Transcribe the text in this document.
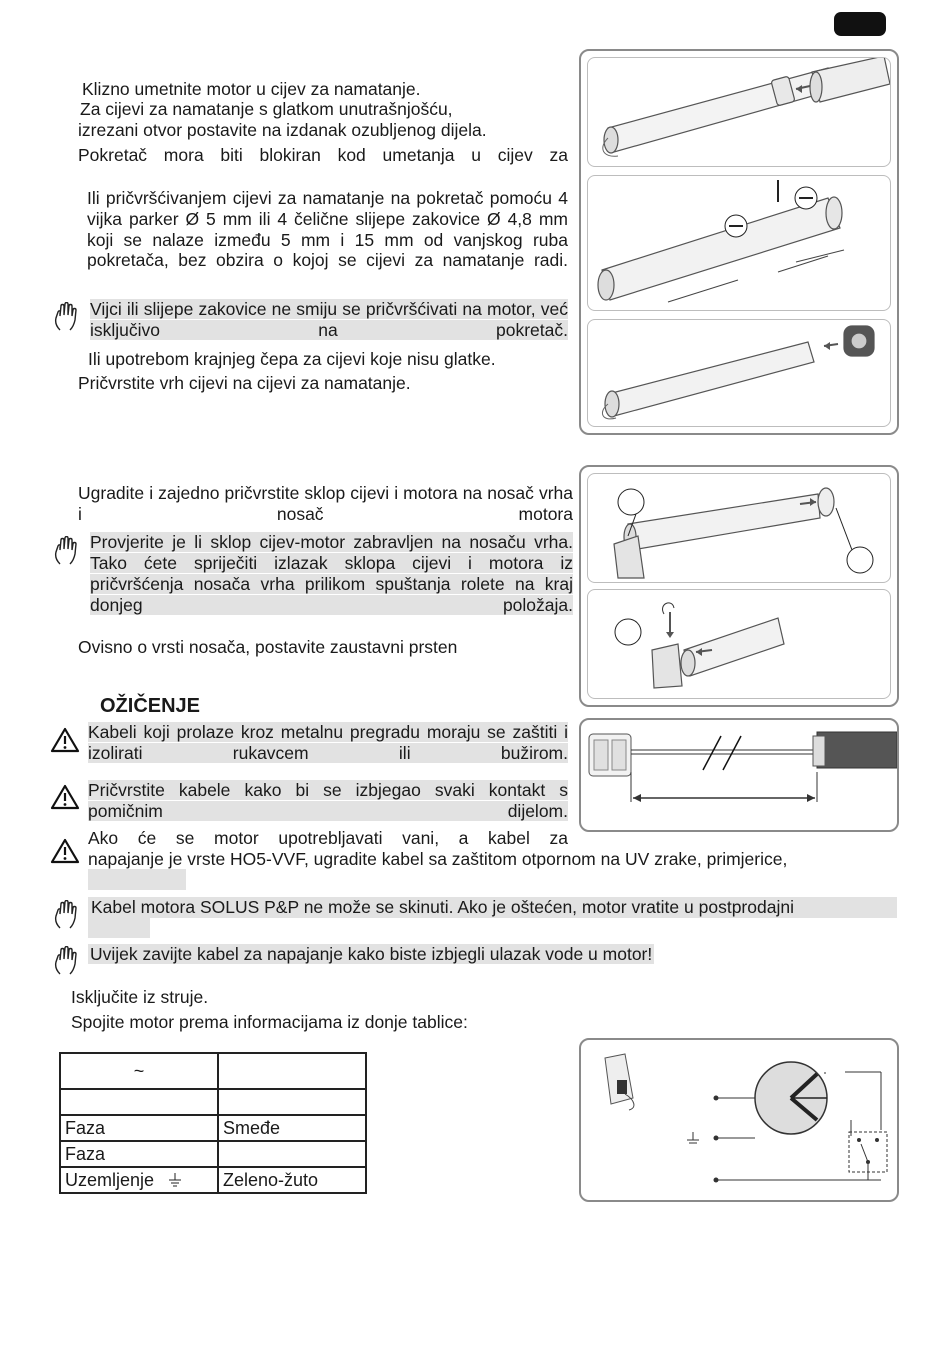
Klizno umetnite motor u cijev za namatanje.
Za cijevi za namatanje s glatkom unutrašnjošću,
izrezani otvor postavite na izdanak ozubljenog dijela.
Pokretač mora biti blokiran kod umetanja u cijev za
Ili pričvršćivanjem cijevi za namatanje na pokretač pomoću 4 vijka parker Ø 5 mm ili 4 čelične slijepe zakovice Ø 4,8 mm koji se nalaze između 5 mm i 15 mm od vanjskog ruba pokretača, bez obzira o kojoj se cijevi za namatanje radi.
Vijci ili slijepe zakovice ne smiju se pričvršćivati na motor, već isključivo na pokretač.
Ili upotrebom krajnjeg čepa za cijevi koje nisu glatke.
Pričvrstite vrh cijevi na cijevi za namatanje.
Ugradite i zajedno pričvrstite sklop cijevi i motora na nosač vrha i nosač motora
Provjerite je li sklop cijev-motor zabravljen na nosaču vrha. Tako ćete spriječiti izlazak sklopa cijevi i motora iz pričvršćenja nosača vrha prilikom spuštanja rolete na kraj donjeg položaja.
Ovisno o vrsti nosača, postavite zaustavni prsten
OŽIČENJE
Kabeli koji prolaze kroz metalnu pregradu moraju se zaštiti i izolirati rukavcem ili bužirom.
Pričvrstite kabele kako bi se izbjegao svaki kontakt s pomičnim dijelom.
Ako će se motor upotrebljavati vani, a kabel za
napajanje je vrste HO5-VVF, ugradite kabel sa zaštitom otpornom na UV zrake, primjerice,
Kabel motora SOLUS P&P ne može se skinuti. Ako je oštećen, motor vratite u postprodajni
Uvijek zavijte kabel za napajanje kako biste izbjegli ulazak vode u motor!
Isključite iz struje.
Spojite motor prema informacijama iz donje tablice:
~	

Faza	Smeđe
Faza	
Uzemljenje	Zeleno-žuto
